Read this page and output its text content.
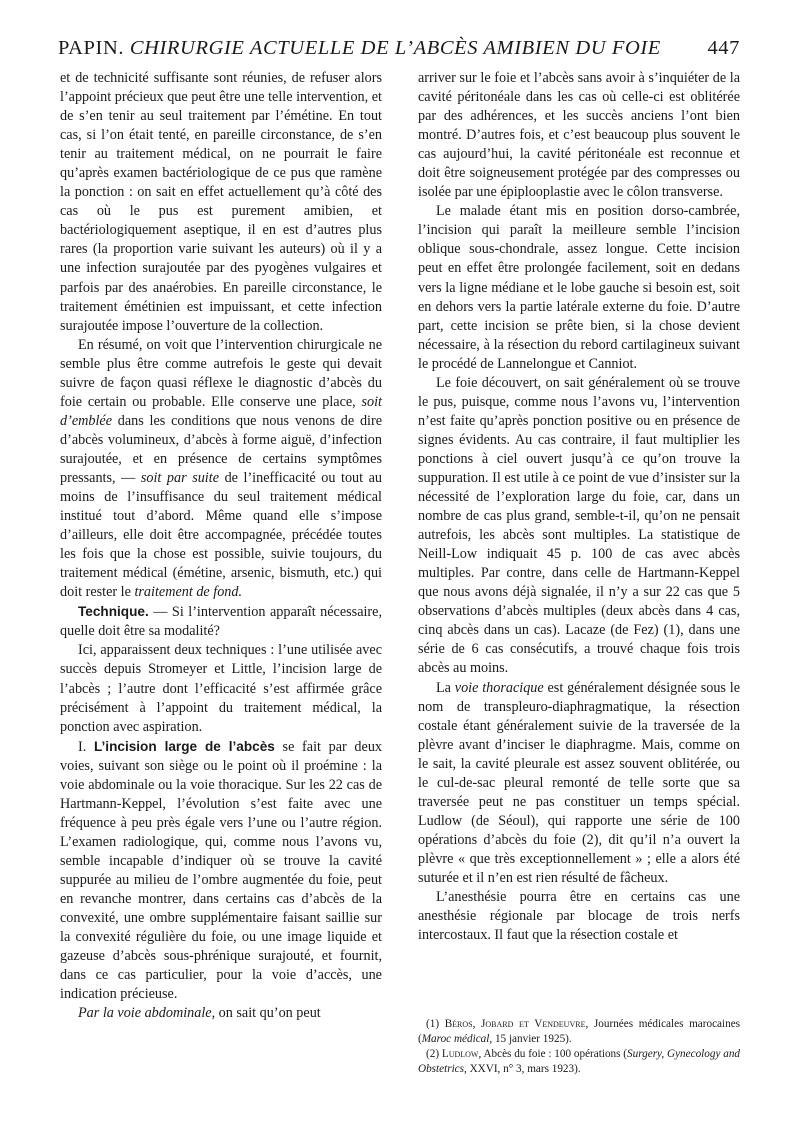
PAPIN. CHIRURGIE ACTUELLE DE L’ABCÈS AMIBIEN DU FOIE 447

et de technicité suffisante sont réunies, de refuser alors l’appoint précieux que peut être une telle intervention, et de s’en tenir au seul traitement par l’émétine. En tout cas, si l’on était tenté, en pareille circonstance, de s’en tenir au traitement médical, on ne pourrait le faire qu’après examen bactériologique de ce pus que ramène la ponction : on sait en effet actuellement qu’à côté des cas où le pus est purement amibien, et bactériologiquement aseptique, il en est d’autres plus rares (la proportion varie suivant les auteurs) où il y a une infection surajoutée par des pyogènes vulgaires et parfois par des anaérobies. En pareille circonstance, le traitement émétinien est impuissant, et cette infection surajoutée impose l’ouverture de la collection.

En résumé, on voit que l’intervention chirurgicale ne semble plus être comme autrefois le geste qui devait suivre de façon quasi réflexe le diagnostic d’abcès du foie certain ou probable. Elle conserve une place, soit d’emblée dans les conditions que nous venons de dire d’abcès volumineux, d’abcès à forme aiguë, d’infection surajoutée, et en présence de certains symptômes pressants, — soit par suite de l’inefficacité ou tout au moins de l’insuffisance du seul traitement médical institué tout d’abord. Même quand elle s’impose d’ailleurs, elle doit être accompagnée, précédée toutes les fois que la chose est possible, suivie toujours, du traitement médical (émétine, arsenic, bismuth, etc.) qui doit rester le traitement de fond.

Technique. — Si l’intervention apparaît nécessaire, quelle doit être sa modalité?

Ici, apparaissent deux techniques : l’une utilisée avec succès depuis Stromeyer et Little, l’incision large de l’abcès ; l’autre dont l’efficacité s’est affirmée grâce précisément à l’appoint du traitement médical, la ponction avec aspiration.

I. L’incision large de l’abcès se fait par deux voies, suivant son siège ou le point où il proémine : la voie abdominale ou la voie thoracique. Sur les 22 cas de Hartmann-Keppel, l’évolution s’est faite avec une fréquence à peu près égale vers l’une ou l’autre région. L’examen radiologique, qui, comme nous l’avons vu, semble incapable d’indiquer où se trouve la cavité suppurée au milieu de l’ombre augmentée du foie, peut en revanche montrer, dans certains cas d’abcès de la convexité, une ombre supplémentaire faisant saillie sur la convexité régulière du foie, ou une image liquide et gazeuse d’abcès sous-phrénique surajouté, et fournit, dans ce cas particulier, pour la voie d’accès, une indication précieuse.

Par la voie abdominale, on sait qu’on peut

arriver sur le foie et l’abcès sans avoir à s’inquiéter de la cavité péritonéale dans les cas où celle-ci est oblitérée par des adhérences, et les succès anciens l’ont bien montré. D’autres fois, et c’est beaucoup plus souvent le cas aujourd’hui, la cavité péritonéale est reconnue et doit être soigneusement protégée par des compresses ou isolée par une épiplooplastie avec le côlon transverse.

Le malade étant mis en position dorso-cambrée, l’incision qui paraît la meilleure semble l’incision oblique sous-chondrale, assez longue. Cette incision peut en effet être prolongée facilement, soit en dedans vers la ligne médiane et le lobe gauche si besoin est, soit en dehors vers la partie latérale externe du foie. D’autre part, cette incision se prête bien, si la chose devient nécessaire, à la résection du rebord cartilagineux suivant le procédé de Lannelongue et Canniot.

Le foie découvert, on sait généralement où se trouve le pus, puisque, comme nous l’avons vu, l’intervention n’est faite qu’après ponction positive ou en présence de signes évidents. Au cas contraire, il faut multiplier les ponctions à ciel ouvert jusqu’à ce qu’on trouve la suppuration. Il est utile à ce point de vue d’insister sur la nécessité de l’exploration large du foie, car, dans un nombre de cas plus grand, semble-t-il, qu’on ne pensait autrefois, les abcès sont multiples. La statistique de Neill-Low indiquait 45 p. 100 de cas avec abcès multiples. Par contre, dans celle de Hartmann-Keppel que nous avons déjà signalée, il n’y a sur 22 cas que 5 observations d’abcès multiples (deux abcès dans 4 cas, cinq abcès dans un cas). Lacaze (de Fez) (1), dans une série de 6 cas consécutifs, a trouvé chaque fois trois abcès au moins.

La voie thoracique est généralement désignée sous le nom de transpleuro-diaphragmatique, la résection costale étant généralement suivie de la traversée de la plèvre avant d’inciser le diaphragme. Mais, comme on le sait, la cavité pleurale est assez souvent oblitérée, ou le cul-de-sac pleural remonté de telle sorte que sa traversée peut ne pas constituer un temps spécial. Ludlow (de Séoul), qui rapporte une série de 100 opérations d’abcès du foie (2), dit qu’il n’a ouvert la plèvre « que très exceptionnellement » ; elle a alors été suturée et il n’en est rien résulté de fâcheux.

L’anesthésie pourra être en certains cas une anesthésie régionale par blocage de trois nerfs intercostaux. Il faut que la résection costale et

(1) Béros, Jobard et Vendeuvre, Journées médicales marocaines (Maroc médical, 15 janvier 1925).

(2) Ludlow, Abcès du foie : 100 opérations (Surgery, Gynecology and Obstetrics, XXVI, n° 3, mars 1923).
